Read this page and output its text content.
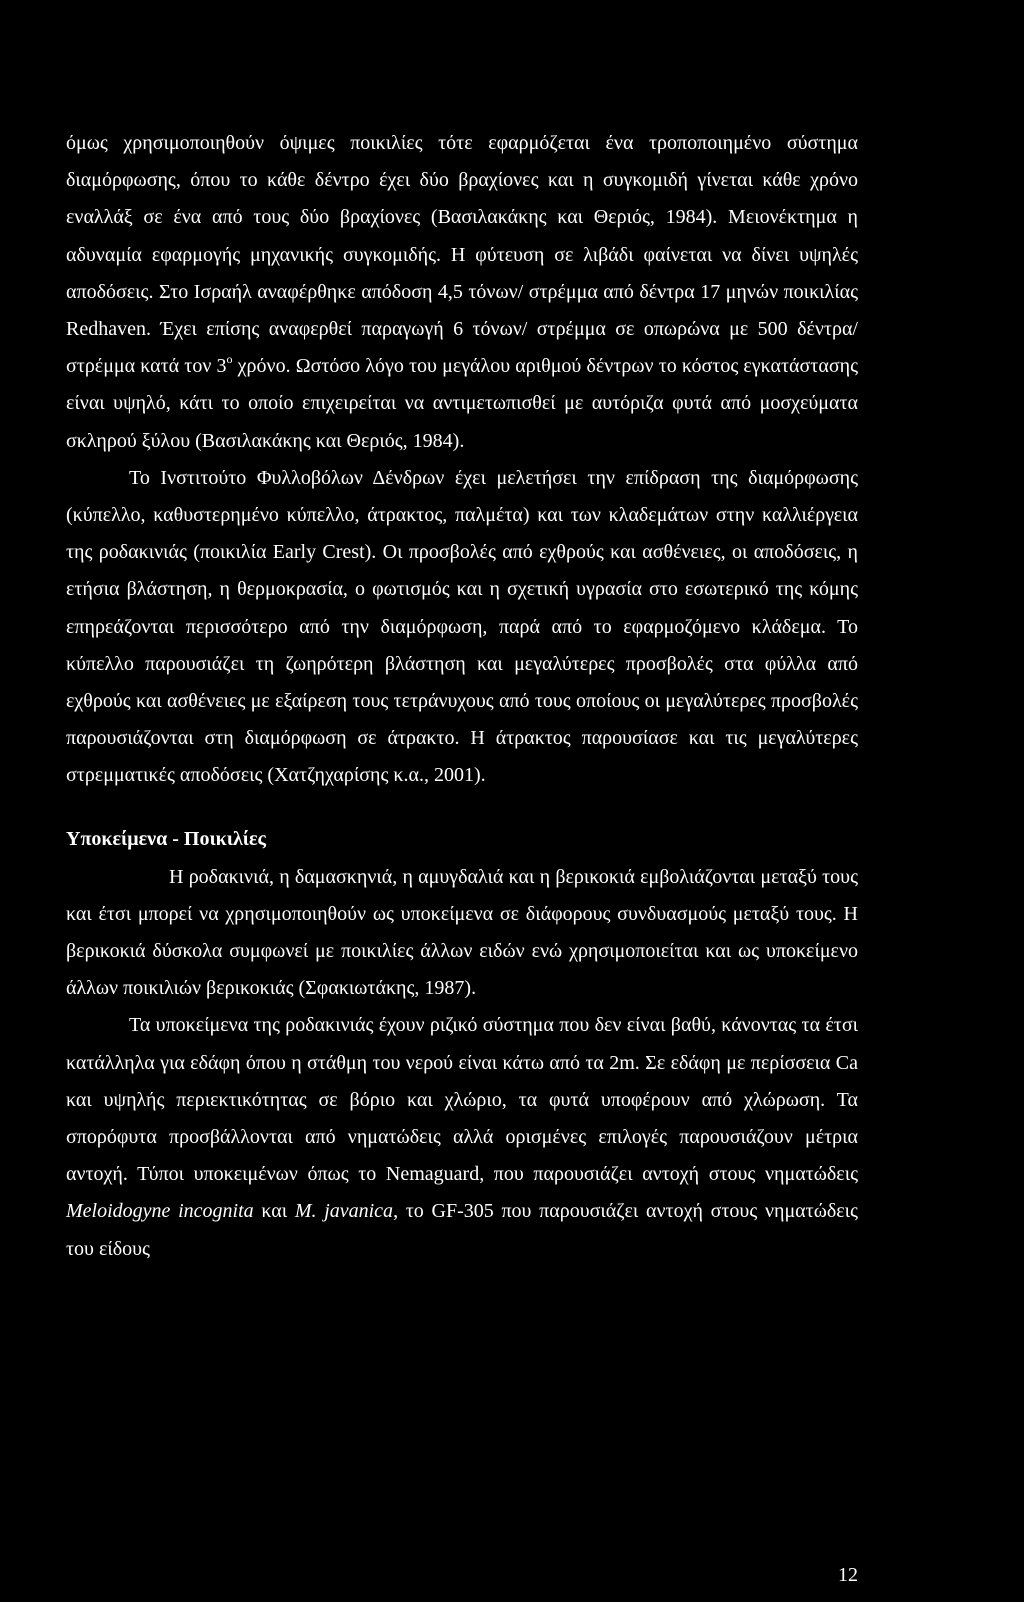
όμως χρησιμοποιηθούν όψιμες ποικιλίες τότε εφαρμόζεται ένα τροποποιημένο σύστημα διαμόρφωσης, όπου το κάθε δέντρο έχει δύο βραχίονες και η συγκομιδή γίνεται κάθε χρόνο εναλλάξ σε ένα από τους δύο βραχίονες (Βασιλακάκης και Θεριός, 1984). Μειονέκτημα η αδυναμία εφαρμογής μηχανικής συγκομιδής. Η φύτευση σε λιβάδι φαίνεται να δίνει υψηλές αποδόσεις. Στο Ισραήλ αναφέρθηκε απόδοση 4,5 τόνων/ στρέμμα από δέντρα 17 μηνών ποικιλίας Redhaven. Έχει επίσης αναφερθεί παραγωγή 6 τόνων/ στρέμμα σε οπωρώνα με 500 δέντρα/ στρέμμα κατά τον 3$^o$ χρόνο. Ωστόσο λόγο του μεγάλου αριθμού δέντρων το κόστος εγκατάστασης είναι υψηλό, κάτι το οποίο επιχειρείται να αντιμετωπισθεί με αυτόριζα φυτά από μοσχεύματα σκληρού ξύλου (Βασιλακάκης και Θεριός, 1984).

Το Ινστιτούτο Φυλλοβόλων Δένδρων έχει μελετήσει την επίδραση της διαμόρφωσης (κύπελλο, καθυστερημένο κύπελλο, άτρακτος, παλμέτα) και των κλαδεμάτων στην καλλιέργεια της ροδακινιάς (ποικιλία Early Crest). Οι προσβολές από εχθρούς και ασθένειες, οι αποδόσεις, η ετήσια βλάστηση, η θερμοκρασία, ο φωτισμός και η σχετική υγρασία στο εσωτερικό της κόμης επηρεάζονται περισσότερο από την διαμόρφωση, παρά από το εφαρμοζόμενο κλάδεμα. Το κύπελλο παρουσιάζει τη ζωηρότερη βλάστηση και μεγαλύτερες προσβολές στα φύλλα από εχθρούς και ασθένειες με εξαίρεση τους τετράνυχους από τους οποίους οι μεγαλύτερες προσβολές παρουσιάζονται στη διαμόρφωση σε άτρακτο. Η άτρακτος παρουσίασε και τις μεγαλύτερες στρεμματικές αποδόσεις (Χατζηχαρίσης κ.α., 2001).

Υποκείμενα - Ποικιλίες

Η ροδακινιά, η δαμασκηνιά, η αμυγδαλιά και η βερικοκιά εμβολιάζονται μεταξύ τους και έτσι μπορεί να χρησιμοποιηθούν ως υποκείμενα σε διάφορους συνδυασμούς μεταξύ τους. Η βερικοκιά δύσκολα συμφωνεί με ποικιλίες άλλων ειδών ενώ χρησιμοποιείται και ως υποκείμενο άλλων ποικιλιών βερικοκιάς (Σφακιωτάκης, 1987).

Τα υποκείμενα της ροδακινιάς έχουν ριζικό σύστημα που δεν είναι βαθύ, κάνοντας τα έτσι κατάλληλα για εδάφη όπου η στάθμη του νερού είναι κάτω από τα 2m. Σε εδάφη με περίσσεια Ca και υψηλής περιεκτικότητας σε βόριο και χλώριο, τα φυτά υποφέρουν από χλώρωση. Τα σπορόφυτα προσβάλλονται από νηματώδεις αλλά ορισμένες επιλογές παρουσιάζουν μέτρια αντοχή. Τύποι υποκειμένων όπως το Nemaguard, που παρουσιάζει αντοχή στους νηματώδεις Meloidogyne incognita και M. javanica, το GF-305 που παρουσιάζει αντοχή στους νηματώδεις του είδους

12
